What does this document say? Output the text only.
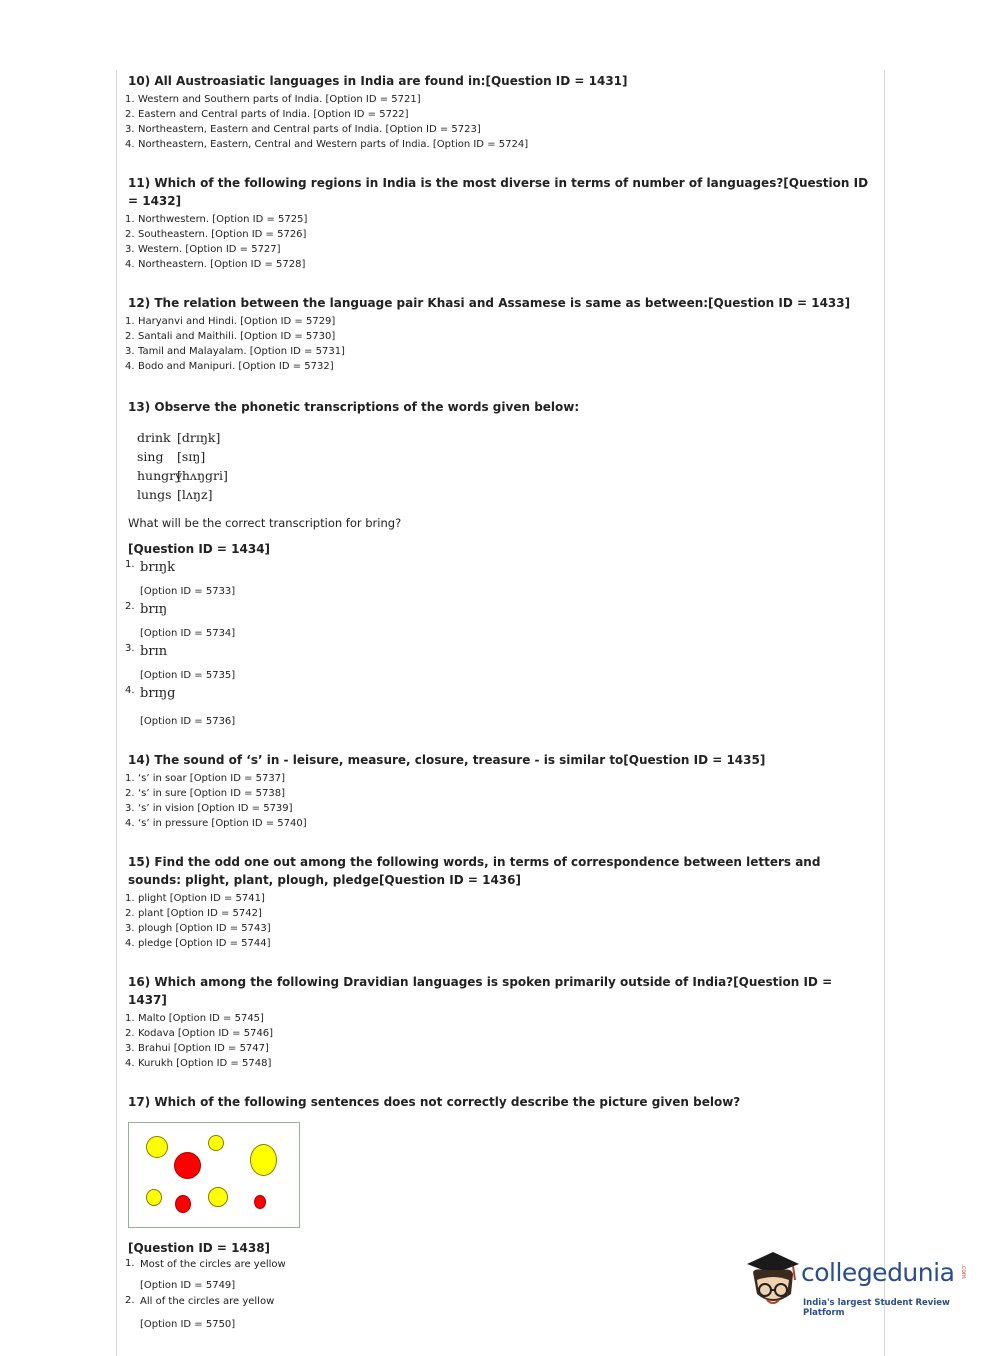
10) All Austroasiatic languages in India are found in:[Question ID = 1431]

1. Western and Southern parts of India. [Option ID = 5721]
2. Eastern and Central parts of India. [Option ID = 5722]
3. Northeastern, Eastern and Central parts of India. [Option ID = 5723]
4. Northeastern, Eastern, Central and Western parts of India. [Option ID = 5724]

11) Which of the following regions in India is the most diverse in terms of number of languages?[Question ID = 1432]

1. Northwestern. [Option ID = 5725]
2. Southeastern. [Option ID = 5726]
3. Western. [Option ID = 5727]
4. Northeastern. [Option ID = 5728]

12) The relation between the language pair Khasi and Assamese is same as between:[Question ID = 1433]

1. Haryanvi and Hindi. [Option ID = 5729]
2. Santali and Maithili. [Option ID = 5730]
3. Tamil and Malayalam. [Option ID = 5731]
4. Bodo and Manipuri. [Option ID = 5732]

13) Observe the phonetic transcriptions of the words given below:

drink [drɪŋk]
sing [sɪŋ]
hungry[hʌŋgri]
lungs [lʌŋz]

What will be the correct transcription for bring?

[Question ID = 1434]

1. brɪŋk
[Option ID = 5733]
2. brɪŋ
[Option ID = 5734]
3. brɪn
[Option ID = 5735]
4. brɪŋg
[Option ID = 5736]

14) The sound of ‘s’ in - leisure, measure, closure, treasure - is similar to[Question ID = 1435]

1. ‘s’ in soar [Option ID = 5737]
2. ‘s’ in sure [Option ID = 5738]
3. ‘s’ in vision [Option ID = 5739]
4. ‘s’ in pressure [Option ID = 5740]

15) Find the odd one out among the following words, in terms of correspondence between letters and sounds: plight, plant, plough, pledge[Question ID = 1436]

1. plight [Option ID = 5741]
2. plant [Option ID = 5742]
3. plough [Option ID = 5743]
4. pledge [Option ID = 5744]

16) Which among the following Dravidian languages is spoken primarily outside of India?[Question ID = 1437]

1. Malto [Option ID = 5745]
2. Kodava [Option ID = 5746]
3. Brahui [Option ID = 5747]
4. Kurukh [Option ID = 5748]

17) Which of the following sentences does not correctly describe the picture given below?

[Question ID = 1438]

1. Most of the circles are yellow
[Option ID = 5749]
2. All of the circles are yellow
[Option ID = 5750]
collegedunia .com
India's largest Student Review Platform
